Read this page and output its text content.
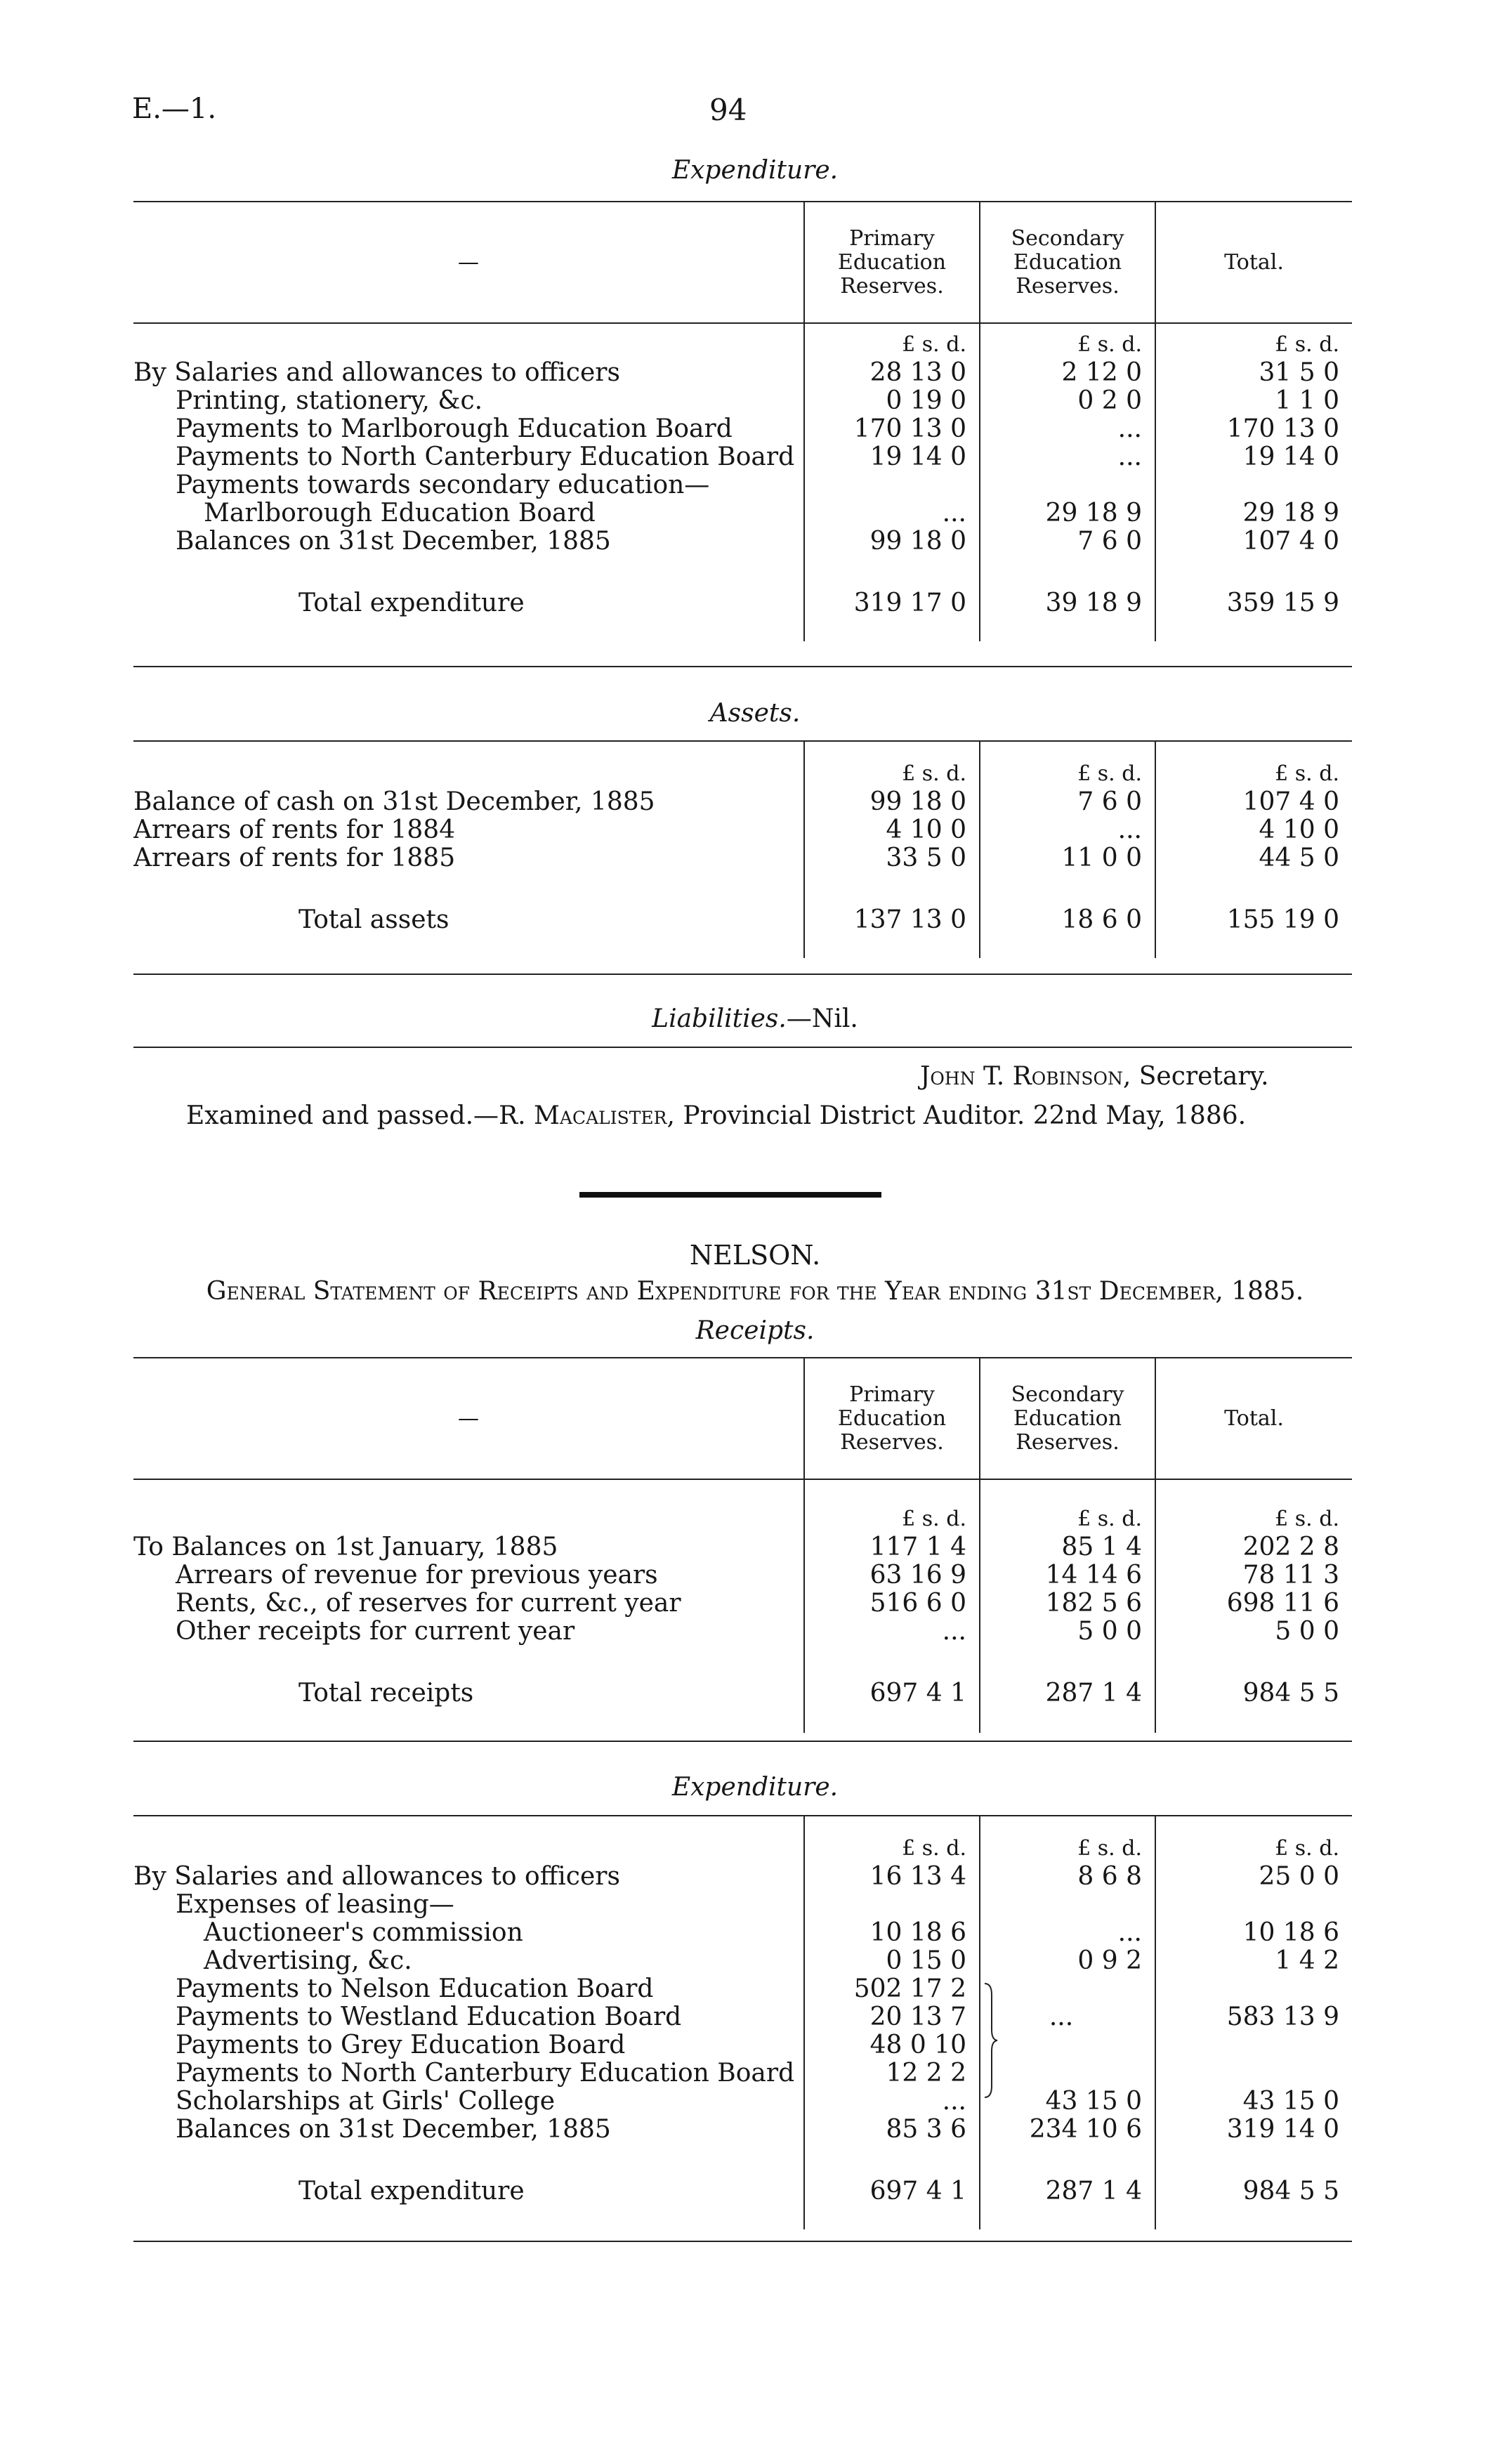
E.—1.	94
Expenditure.
—	Primary Education Reserves.	Secondary Education Reserves.	Total.
	£ s. d.	£ s. d.	£ s. d.
By Salaries and allowances to officers	28 13 0	2 12 0	31 5 0
Printing, stationery, &c.	0 19 0	0 2 0	1 1 0
Payments to Marlborough Education Board	170 13 0	...	170 13 0
Payments to North Canterbury Education Board	19 14 0	...	19 14 0
Payments towards secondary education—			
Marlborough Education Board	...	29 18 9	29 18 9
Balances on 31st December, 1885	99 18 0	7 6 0	107 4 0
Total expenditure	319 17 0	39 18 9	359 15 9

Assets.
	£ s. d.	£ s. d.	£ s. d.
Balance of cash on 31st December, 1885	99 18 0	7 6 0	107 4 0
Arrears of rents for 1884	4 10 0	...	4 10 0
Arrears of rents for 1885	33 5 0	11 0 0	44 5 0
Total assets	137 13 0	18 6 0	155 19 0

Liabilities.—Nil.
John T. Robinson, Secretary.
Examined and passed.—R. Macalister, Provincial District Auditor. 22nd May, 1886.
NELSON.
General Statement of Receipts and Expenditure for the Year ending 31st December, 1885.
Receipts.
—	Primary Education Reserves.	Secondary Education Reserves.	Total.
	£ s. d.	£ s. d.	£ s. d.
To Balances on 1st January, 1885	117 1 4	85 1 4	202 2 8
Arrears of revenue for previous years	63 16 9	14 14 6	78 11 3
Rents, &c., of reserves for current year	516 6 0	182 5 6	698 11 6
Other receipts for current year	...	5 0 0	5 0 0
Total receipts	697 4 1	287 1 4	984 5 5

Expenditure.
	£ s. d.	£ s. d.	£ s. d.
By Salaries and allowances to officers	16 13 4	8 6 8	25 0 0
Expenses of leasing—			
Auctioneer's commission	10 18 6	...	10 18 6
Advertising, &c.	0 15 0	0 9 2	1 4 2
Payments to Nelson Education Board	502 17 2		
Payments to Westland Education Board	20 13 7	...	583 13 9
Payments to Grey Education Board	48 0 10		
Payments to North Canterbury Education Board	12 2 2		
Scholarships at Girls' College	...	43 15 0	43 15 0
Balances on 31st December, 1885	85 3 6	234 10 6	319 14 0
Total expenditure	697 4 1	287 1 4	984 5 5
